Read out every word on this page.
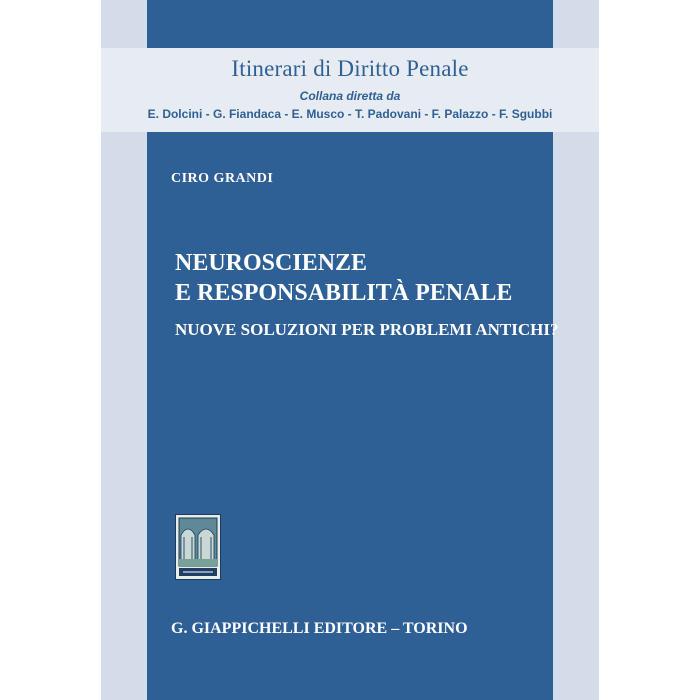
Itinerari di Diritto Penale
Collana diretta da
E. Dolcini - G. Fiandaca - E. Musco - T. Padovani - F. Palazzo - F. Sgubbi
CIRO GRANDI
NEUROSCIENZE
E RESPONSABILITÀ PENALE
NUOVE SOLUZIONI PER PROBLEMI ANTICHI?
G. GIAPPICHELLI EDITORE – TORINO
